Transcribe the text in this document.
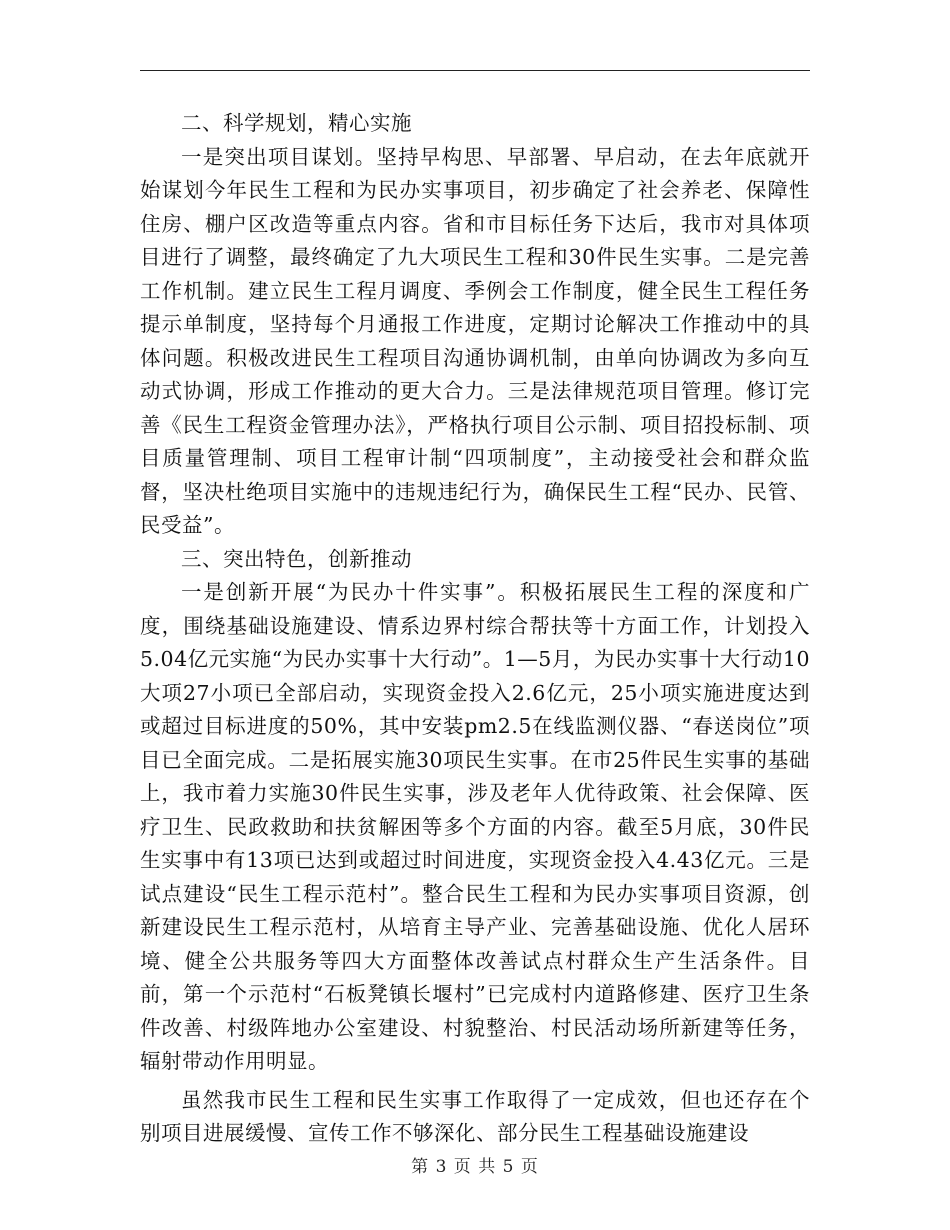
二、科学规划，精心实施

一是突出项目谋划。坚持早构思、早部署、早启动，在去年底就开始谋划今年民生工程和为民办实事项目，初步确定了社会养老、保障性住房、棚户区改造等重点内容。省和市目标任务下达后，我市对具体项目进行了调整，最终确定了九大项民生工程和30件民生实事。二是完善工作机制。建立民生工程月调度、季例会工作制度，健全民生工程任务提示单制度，坚持每个月通报工作进度，定期讨论解决工作推动中的具体问题。积极改进民生工程项目沟通协调机制，由单向协调改为多向互动式协调，形成工作推动的更大合力。三是法律规范项目管理。修订完善《民生工程资金管理办法》，严格执行项目公示制、项目招投标制、项目质量管理制、项目工程审计制“四项制度”，主动接受社会和群众监督，坚决杜绝项目实施中的违规违纪行为，确保民生工程“民办、民管、民受益”。

三、突出特色，创新推动

一是创新开展“为民办十件实事”。积极拓展民生工程的深度和广度，围绕基础设施建设、情系边界村综合帮扶等十方面工作，计划投入5.04亿元实施“为民办实事十大行动”。1—5月，为民办实事十大行动10大项27小项已全部启动，实现资金投入2.6亿元，25小项实施进度达到或超过目标进度的50%，其中安装pm2.5在线监测仪器、“春送岗位”项目已全面完成。二是拓展实施30项民生实事。在市25件民生实事的基础上，我市着力实施30件民生实事，涉及老年人优待政策、社会保障、医疗卫生、民政救助和扶贫解困等多个方面的内容。截至5月底，30件民生实事中有13项已达到或超过时间进度，实现资金投入4.43亿元。三是试点建设“民生工程示范村”。整合民生工程和为民办实事项目资源，创新建设民生工程示范村，从培育主导产业、完善基础设施、优化人居环境、健全公共服务等四大方面整体改善试点村群众生产生活条件。目前，第一个示范村“石板凳镇长堰村”已完成村内道路修建、医疗卫生条件改善、村级阵地办公室建设、村貌整治、村民活动场所新建等任务，辐射带动作用明显。

虽然我市民生工程和民生实事工作取得了一定成效，但也还存在个别项目进展缓慢、宣传工作不够深化、部分民生工程基础设施建设

第 3 页 共 5 页
